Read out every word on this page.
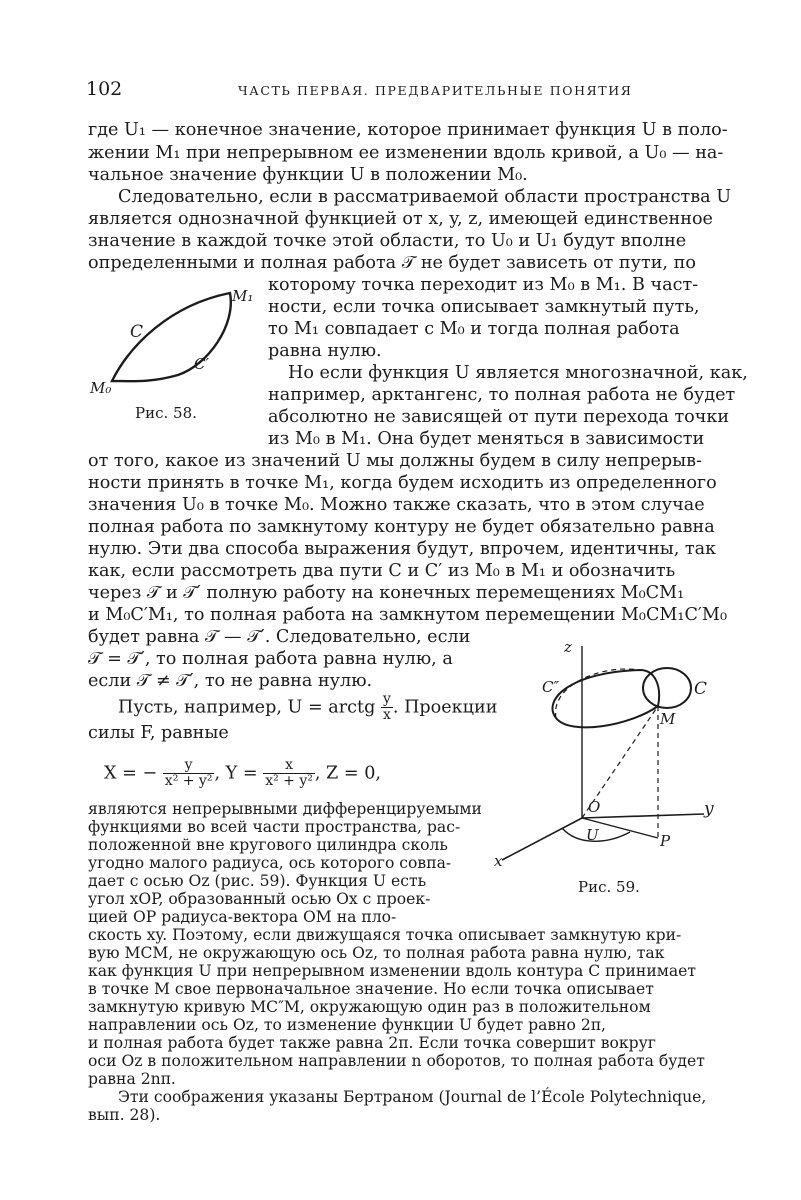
102	ЧАСТЬ ПЕРВАЯ. ПРЕДВАРИТЕЛЬНЫЕ ПОНЯТИЯ
где U₁ — конечное значение, которое принимает функция U в поло-
жении M₁ при непрерывном ее изменении вдоль кривой, а U₀ — на-
чальное значение функции U в положении M₀.
Следовательно, если в рассматриваемой области пространства U
является однозначной функцией от x, y, z, имеющей единственное
значение в каждой точке этой области, то U₀ и U₁ будут вполне
определенными и полная работа 𝒯 не будет зависеть от пути, по
которому точка переходит из M₀ в M₁. В част-
ности, если точка описывает замкнутый путь,
то M₁ совпадает с M₀ и тогда полная работа
равна нулю.
Но если функция U является многозначной, как,
например, арктангенс, то полная работа не будет
абсолютно не зависящей от пути перехода точки
из M₀ в M₁. Она будет меняться в зависимости
от того, какое из значений U мы должны будем в силу непрерыв-
ности принять в точке M₁, когда будем исходить из определенного
значения U₀ в точке M₀. Можно также сказать, что в этом случае
полная работа по замкнутому контуру не будет обязательно равна
нулю. Эти два способа выражения будут, впрочем, идентичны, так
как, если рассмотреть два пути C и C′ из M₀ в M₁ и обозначить
через 𝒯 и 𝒯′ полную работу на конечных перемещениях M₀CM₁
и M₀C′M₁, то полная работа на замкнутом перемещении M₀CM₁C′M₀
будет равна 𝒯 — 𝒯′. Следовательно, если
𝒯 = 𝒯′, то полная работа равна нулю, а
если 𝒯 ≠ 𝒯′, то не равна нулю.
Пусть, например, U = arctg $\frac{y}{x}$ . Проекции
силы F, равные
X = − $\frac{y}{\text{x² + y²}}$ , $Y = \frac{x}{\text{x² + y²}}$ , Z = 0,
являются непрерывными дифференцируемыми
функциями во всей части пространства, рас-
положенной вне кругового цилиндра сколь
угодно малого радиуса, ось которого совпа-
дает с осью Oz (рис. 59). Функция U есть
угол xOP, образованный осью Ox с проек-
цией OP радиуса-вектора OM на пло-
скость xy. Поэтому, если движущаяся точка описывает замкнутую кри-
вую MCM, не окружающую ось Oz, то полная работа равна нулю, так
как функция U при непрерывном изменении вдоль контура C принимает
в точке M свое первоначальное значение. Но если точка описывает
замкнутую кривую MC″M, окружающую один раз в положительном
направлении ось Oz, то изменение функции U будет равно 2π,
и полная работа будет также равна 2π. Если точка совершит вокруг
оси Oz в положительном направлении n оборотов, то полная работа будет
равна 2nπ.
Эти соображения указаны Бертраном (Journal de l’École Polytechnique,
вып. 28).
M₁
C
C′
M₀
Рис. 58.
z
C″	C
M
O	y
U	P
x
Рис. 59.
